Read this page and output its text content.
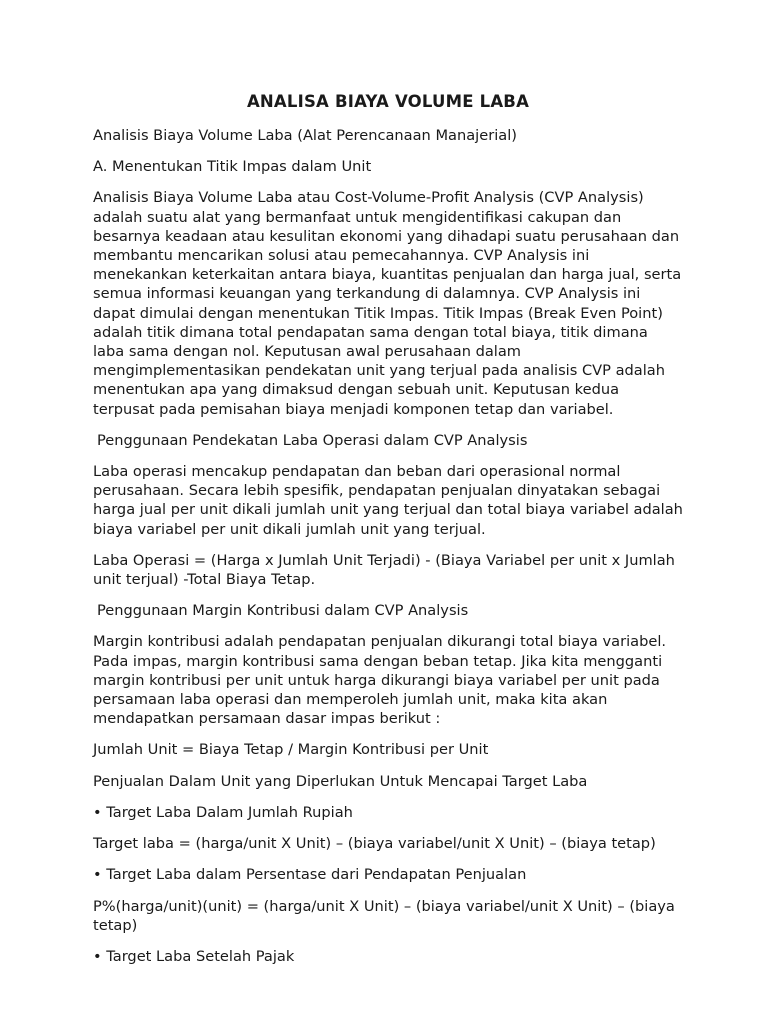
ANALISA BIAYA VOLUME LABA

Analisis Biaya Volume Laba (Alat Perencanaan Manajerial)

A. Menentukan Titik Impas dalam Unit

Analisis Biaya Volume Laba atau Cost-Volume-Profit Analysis (CVP Analysis) adalah suatu alat yang bermanfaat untuk mengidentifikasi cakupan dan besarnya keadaan atau kesulitan ekonomi yang dihadapi suatu perusahaan dan membantu mencarikan solusi atau pemecahannya. CVP Analysis ini menekankan keterkaitan antara biaya, kuantitas penjualan dan harga jual, serta semua informasi keuangan yang terkandung di dalamnya. CVP Analysis ini dapat dimulai dengan menentukan Titik Impas. Titik Impas (Break Even Point) adalah titik dimana total pendapatan sama dengan total biaya, titik dimana laba sama dengan nol. Keputusan awal perusahaan dalam mengimplementasikan pendekatan unit yang terjual pada analisis CVP adalah menentukan apa yang dimaksud dengan sebuah unit. Keputusan kedua terpusat pada pemisahan biaya menjadi komponen tetap dan variabel.

Penggunaan Pendekatan Laba Operasi dalam CVP Analysis

Laba operasi mencakup pendapatan dan beban dari operasional normal perusahaan. Secara lebih spesifik, pendapatan penjualan dinyatakan sebagai harga jual per unit dikali jumlah unit yang terjual dan total biaya variabel adalah biaya variabel per unit dikali jumlah unit yang terjual.

Laba Operasi = (Harga x Jumlah Unit Terjadi) - (Biaya Variabel per unit x Jumlah unit terjual) -Total Biaya Tetap.

Penggunaan Margin Kontribusi dalam CVP Analysis

Margin kontribusi adalah pendapatan penjualan dikurangi total biaya variabel. Pada impas, margin kontribusi sama dengan beban tetap. Jika kita mengganti margin kontribusi per unit untuk harga dikurangi biaya variabel per unit pada persamaan laba operasi dan memperoleh jumlah unit, maka kita akan mendapatkan persamaan dasar impas berikut :

Jumlah Unit = Biaya Tetap / Margin Kontribusi per Unit

Penjualan Dalam Unit yang Diperlukan Untuk Mencapai Target Laba

• Target Laba Dalam Jumlah Rupiah

Target laba = (harga/unit X Unit) – (biaya variabel/unit X Unit) – (biaya tetap)

• Target Laba dalam Persentase dari Pendapatan Penjualan

P%(harga/unit)(unit) = (harga/unit X Unit) – (biaya variabel/unit X Unit) – (biaya tetap)

• Target Laba Setelah Pajak
